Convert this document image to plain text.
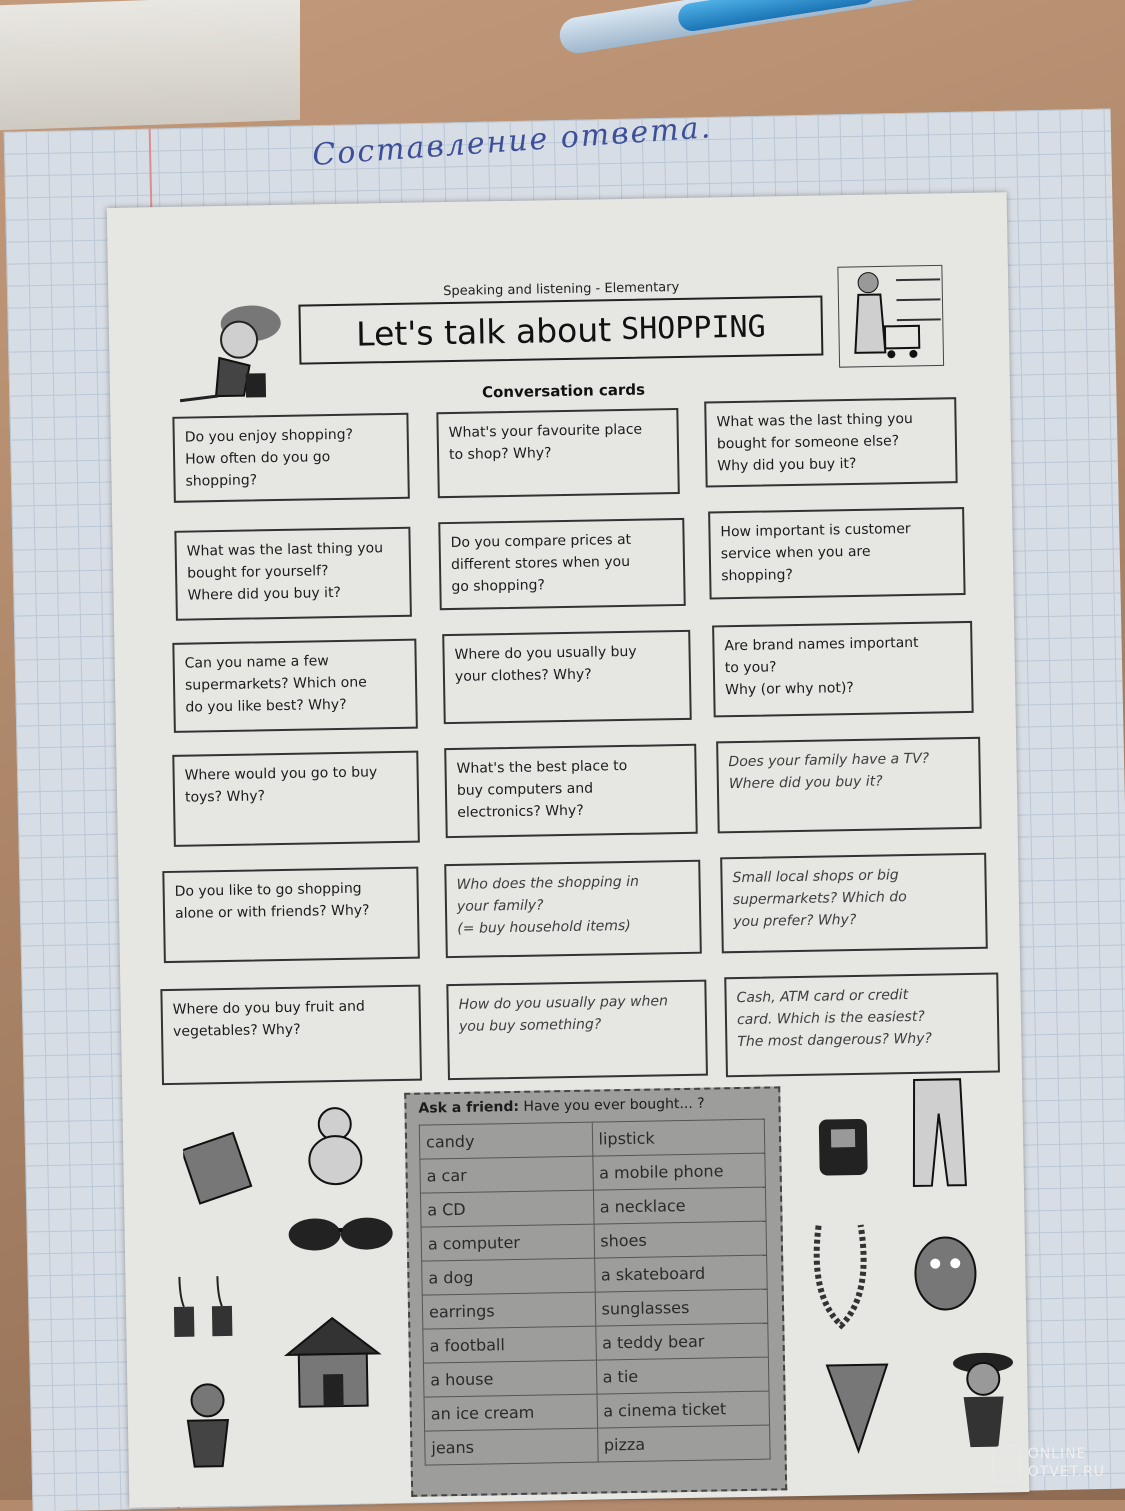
Составление ответа.
Speaking and listening - Elementary
Let's talk about SHOPPING
Conversation cards
Do you enjoy shopping?
How often do you go
shopping?
What's your favourite place
to shop? Why?
What was the last thing you
bought for someone else?
Why did you buy it?
What was the last thing you
bought for yourself?
Where did you buy it?
Do you compare prices at
different stores when you
go shopping?
How important is customer
service when you are
shopping?
Can you name a few
supermarkets? Which one
do you like best? Why?
Where do you usually buy
your clothes? Why?
Are brand names important
to you?
Why (or why not)?
Where would you go to buy
toys? Why?
What's the best place to
buy computers and
electronics? Why?
Does your family have a TV?
Where did you buy it?
Do you like to go shopping
alone or with friends? Why?
Who does the shopping in
your family?
(= buy household items)
Small local shops or big
supermarkets? Which do
you prefer? Why?
Where do you buy fruit and
vegetables? Why?
How do you usually pay when
you buy something?
Cash, ATM card or credit
card. Which is the easiest?
The most dangerous? Why?
Ask a friend: Have you ever bought... ?
candy	lipstick
a car	a mobile phone
a CD	a necklace
a computer	shoes
a dog	a skateboard
earrings	sunglasses
a football	a teddy bear
a house	a tie
an ice cream	a cinema ticket
jeans	pizza	ONLINE
OTVET.RU
